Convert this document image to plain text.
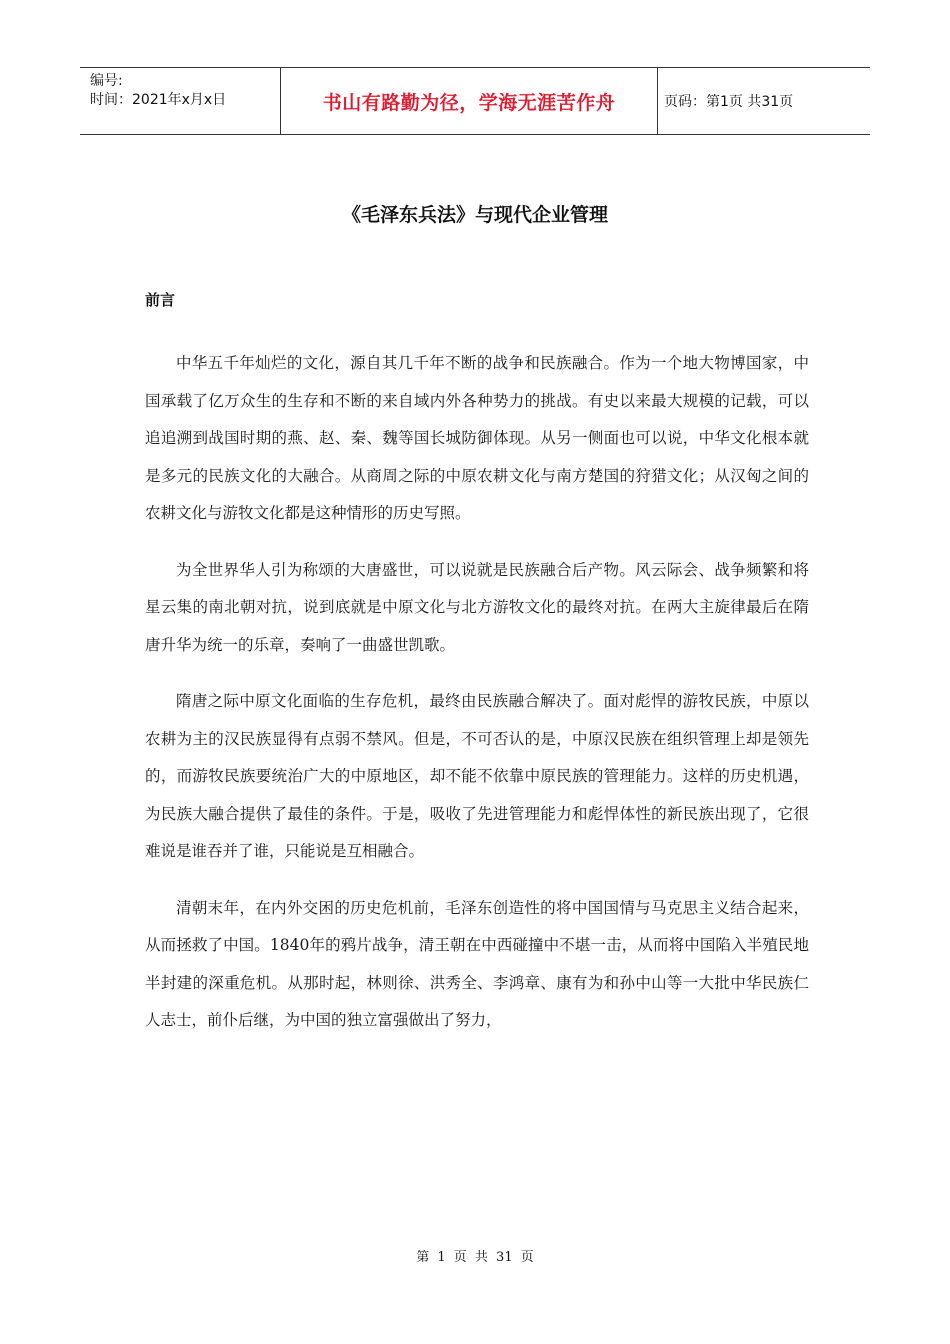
编号:
时间：2021年x月x日	书山有路勤为径，学海无涯苦作舟	页码：第1页 共31页
《毛泽东兵法》与现代企业管理
前言

中华五千年灿烂的文化，源自其几千年不断的战争和民族融合。作为一个地大物博国家，中国承载了亿万众生的生存和不断的来自域内外各种势力的挑战。有史以来最大规模的记载，可以追追溯到战国时期的燕、赵、秦、魏等国长城防御体现。从另一侧面也可以说，中华文化根本就是多元的民族文化的大融合。从商周之际的中原农耕文化与南方楚国的狩猎文化；从汉匈之间的农耕文化与游牧文化都是这种情形的历史写照。

为全世界华人引为称颂的大唐盛世，可以说就是民族融合后产物。风云际会、战争频繁和将星云集的南北朝对抗，说到底就是中原文化与北方游牧文化的最终对抗。在两大主旋律最后在隋唐升华为统一的乐章，奏响了一曲盛世凯歌。

隋唐之际中原文化面临的生存危机，最终由民族融合解决了。面对彪悍的游牧民族，中原以农耕为主的汉民族显得有点弱不禁风。但是，不可否认的是，中原汉民族在组织管理上却是领先的，而游牧民族要统治广大的中原地区，却不能不依靠中原民族的管理能力。这样的历史机遇，为民族大融合提供了最佳的条件。于是，吸收了先进管理能力和彪悍体性的新民族出现了，它很难说是谁吞并了谁，只能说是互相融合。

清朝末年，在内外交困的历史危机前，毛泽东创造性的将中国国情与马克思主义结合起来，从而拯救了中国。1840年的鸦片战争，清王朝在中西碰撞中不堪一击，从而将中国陷入半殖民地半封建的深重危机。从那时起，林则徐、洪秀全、李鸿章、康有为和孙中山等一大批中华民族仁人志士，前仆后继，为中国的独立富强做出了努力，

第 1 页 共 31 页
